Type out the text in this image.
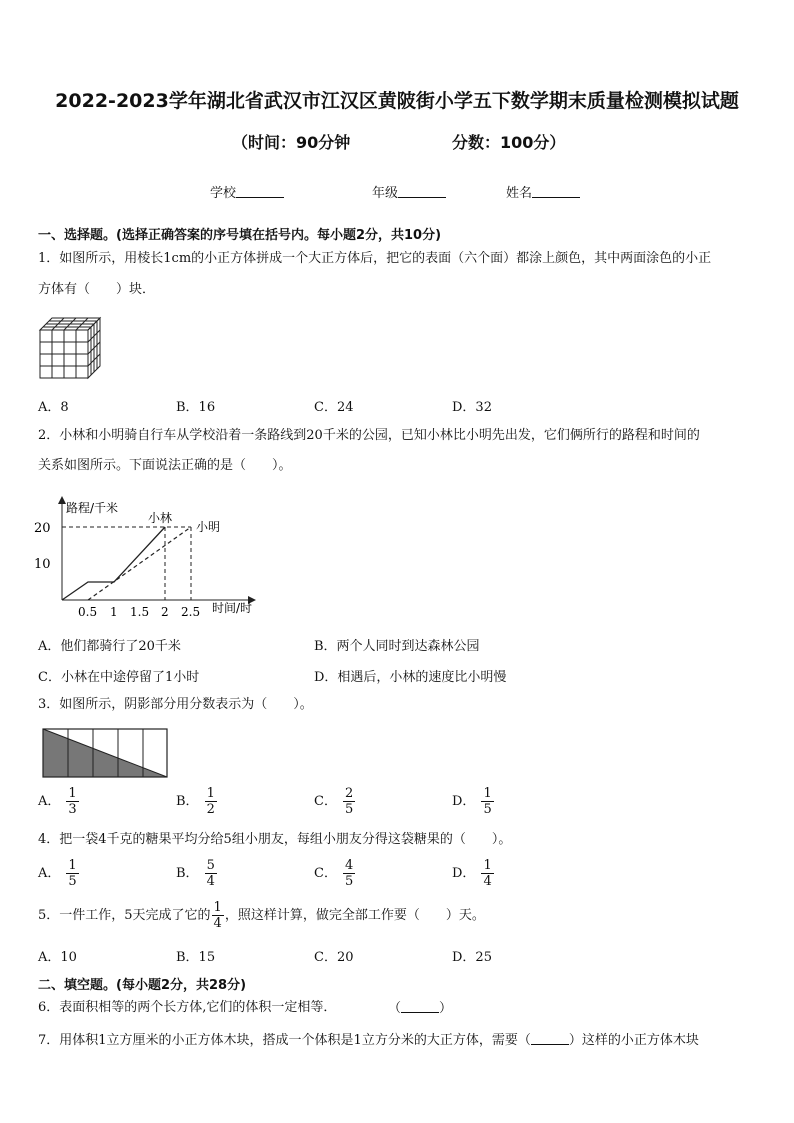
2022-2023学年湖北省武汉市江汉区黄陂街小学五下数学期末质量检测模拟试题
（时间：90分钟	分数：100分）
学校	年级	姓名
一、选择题。(选择正确答案的序号填在括号内。每小题2分，共10分)
1．如图所示，用棱长1cm的小正方体拼成一个大正方体后，把它的表面（六个面）都涂上颜色，其中两面涂色的小正
方体有（　　）块．
A．8	B．16	C．24	D．32
2．小林和小明骑自行车从学校沿着一条路线到20千米的公园，已知小林比小明先出发，它们俩所行的路程和时间的
关系如图所示。下面说法正确的是（　　）。
20
10
0.5 1 1.5 2 2.5
路程/千米
时间/时
小林
小明
A．他们都骑行了20千米	B．两个人同时到达森林公园
C．小林在中途停留了1小时	D．相遇后，小林的速度比小明慢
3．如图所示，阴影部分用分数表示为（　　）。
A． $\frac{1}{3}$	B． $\frac{1}{2}$	C． $\frac{2}{5}$	D． $\frac{1}{5}$
4．把一袋4千克的糖果平均分给5组小朋友，每组小朋友分得这袋糖果的（　　）。
A． $\frac{1}{5}$	B． $\frac{5}{4}$	C． $\frac{4}{5}$	D． $\frac{1}{4}$
5．一件工作，5天完成了它的 $\frac{1}{4}$ ，照这样计算，做完全部工作要（　　）天。
A．10	B．15	C．20	D．25
二、填空题。(每小题2分，共28分)
6．表面积相等的两个长方体,它们的体积一定相等．	（	）
7．用体积1立方厘米的小正方体木块，搭成一个体积是1立方分米的大正方体，需要（	）这样的小正方体木块
